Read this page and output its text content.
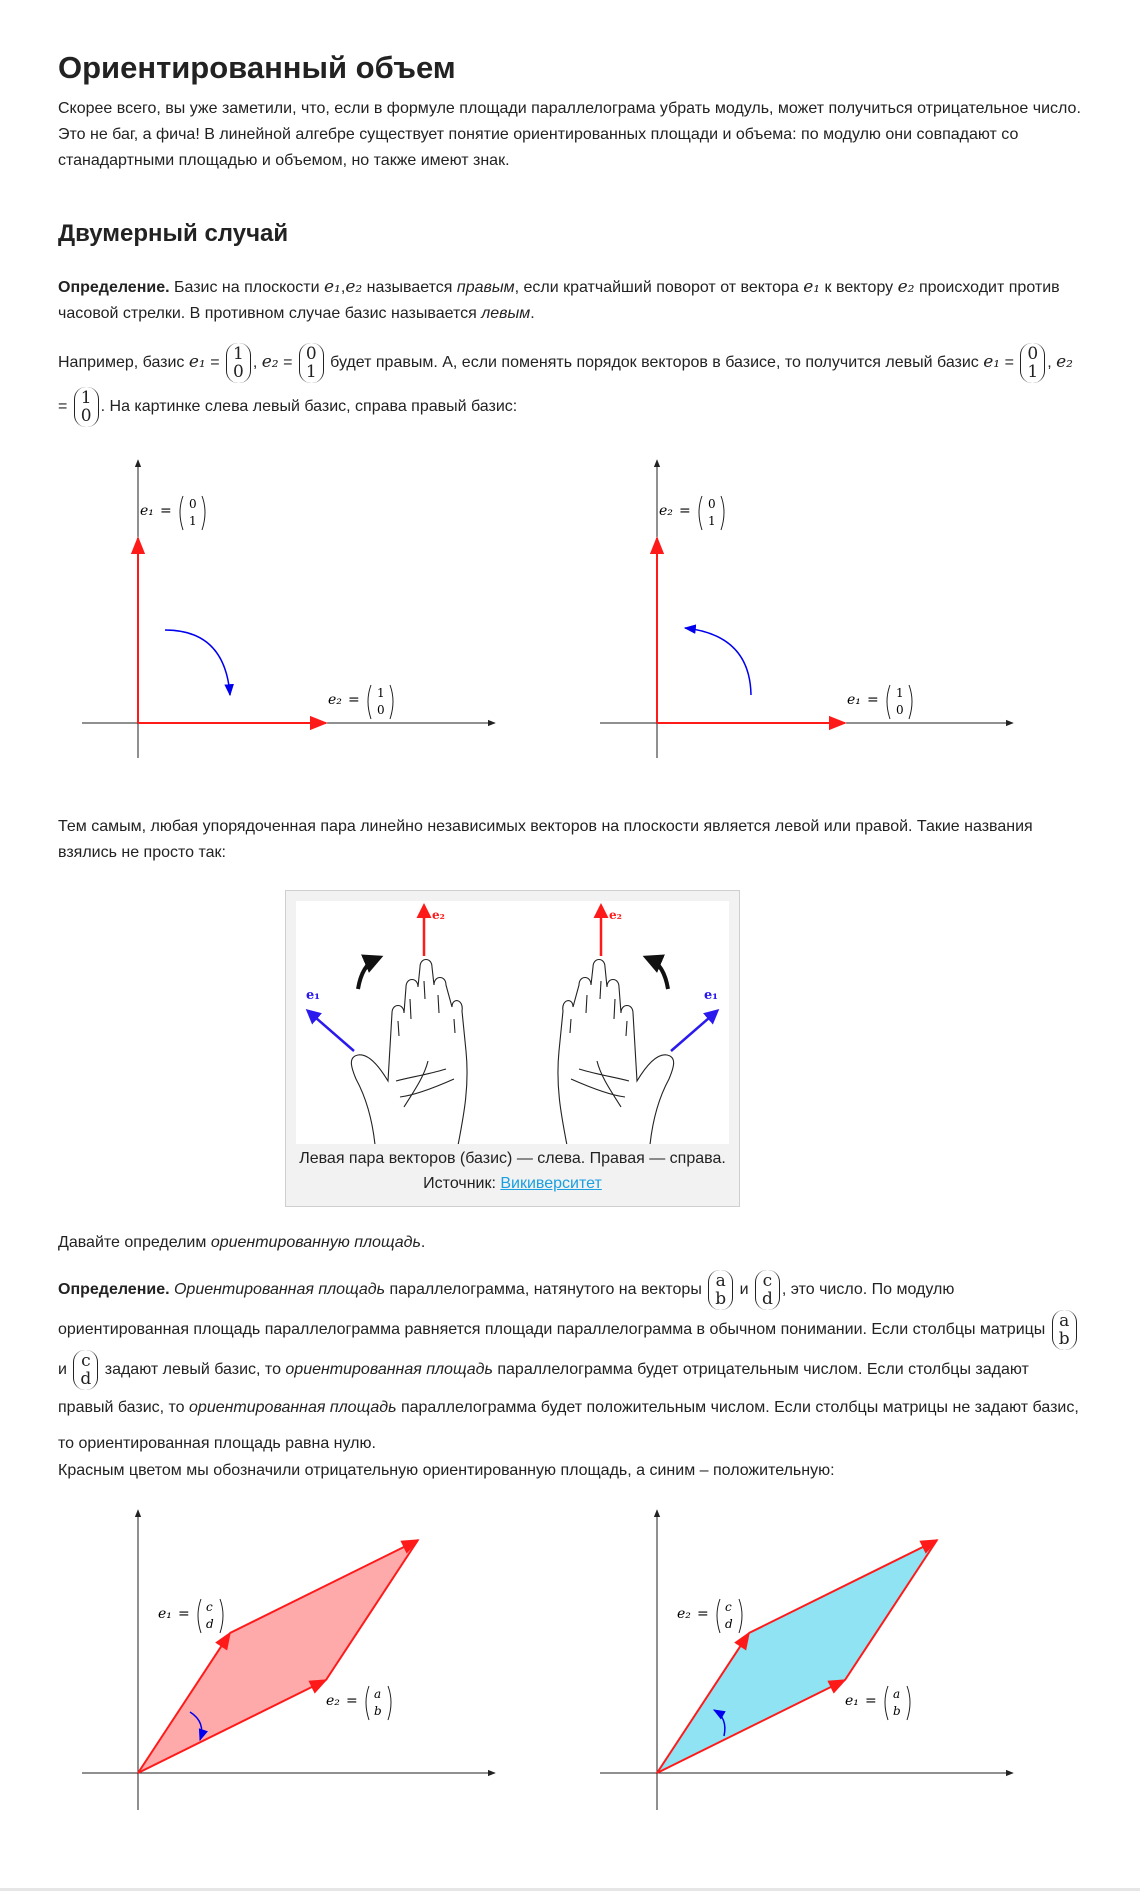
Ориентированный объем

Скорее всего, вы уже заметили, что, если в формуле площади параллелограма убрать модуль, может получиться отрицательное число. Это не баг, а фича! В линейной алгебре существует понятие ориентированных площади и объема: по модулю они совпадают со станадартными площадью и объемом, но также имеют знак.

Двумерный случай

Определение. Базис на плоскости e₁,e₂ называется правым, если кратчайший поворот от вектора e₁ к вектору e₂ происходит против часовой стрелки. В противном случае базис называется левым.

Например, базис e₁ = 1
0 , e₂ = 0
1 будет правым. А, если поменять порядок векторов в базисе, то получится левый базис e₁ = 0
1 , e₂ = 1
0 . На картинке слева левый базис, справа правый базис:

Тем самым, любая упорядоченная пара линейно независимых векторов на плоскости является левой или правой. Такие названия взялись не просто так:

Давайте определим ориентированную площадь.

Определение. Ориентированная площадь параллелограмма, натянутого на векторы a
b и c
d , это число. По модулю ориентированная площадь параллелограмма равняется площади параллелограмма в обычном понимании. Если столбцы матрицы a
b
и c
d задают левый базис, то ориентированная площадь параллелограмма будет отрицательным числом. Если столбцы задают правый базис, то ориентированная площадь параллелограмма будет положительным числом. Если столбцы матрицы не задают базис, то ориентированная площадь равна нулю.

Красным цветом мы обозначили отрицательную ориентированную площадь, а синим – положительную:

e₁ = 0
1
e₂ = 1
0
e₂ = 0
1
e₁ = 1
0
e₂
e₁
e₂
e₁
Левая пара векторов (базис) — слева. Правая — справа.
Источник: Викиверситет
e₁ = c
d
e₂ = a
b
e₂ = c
d
e₁ = a
b
